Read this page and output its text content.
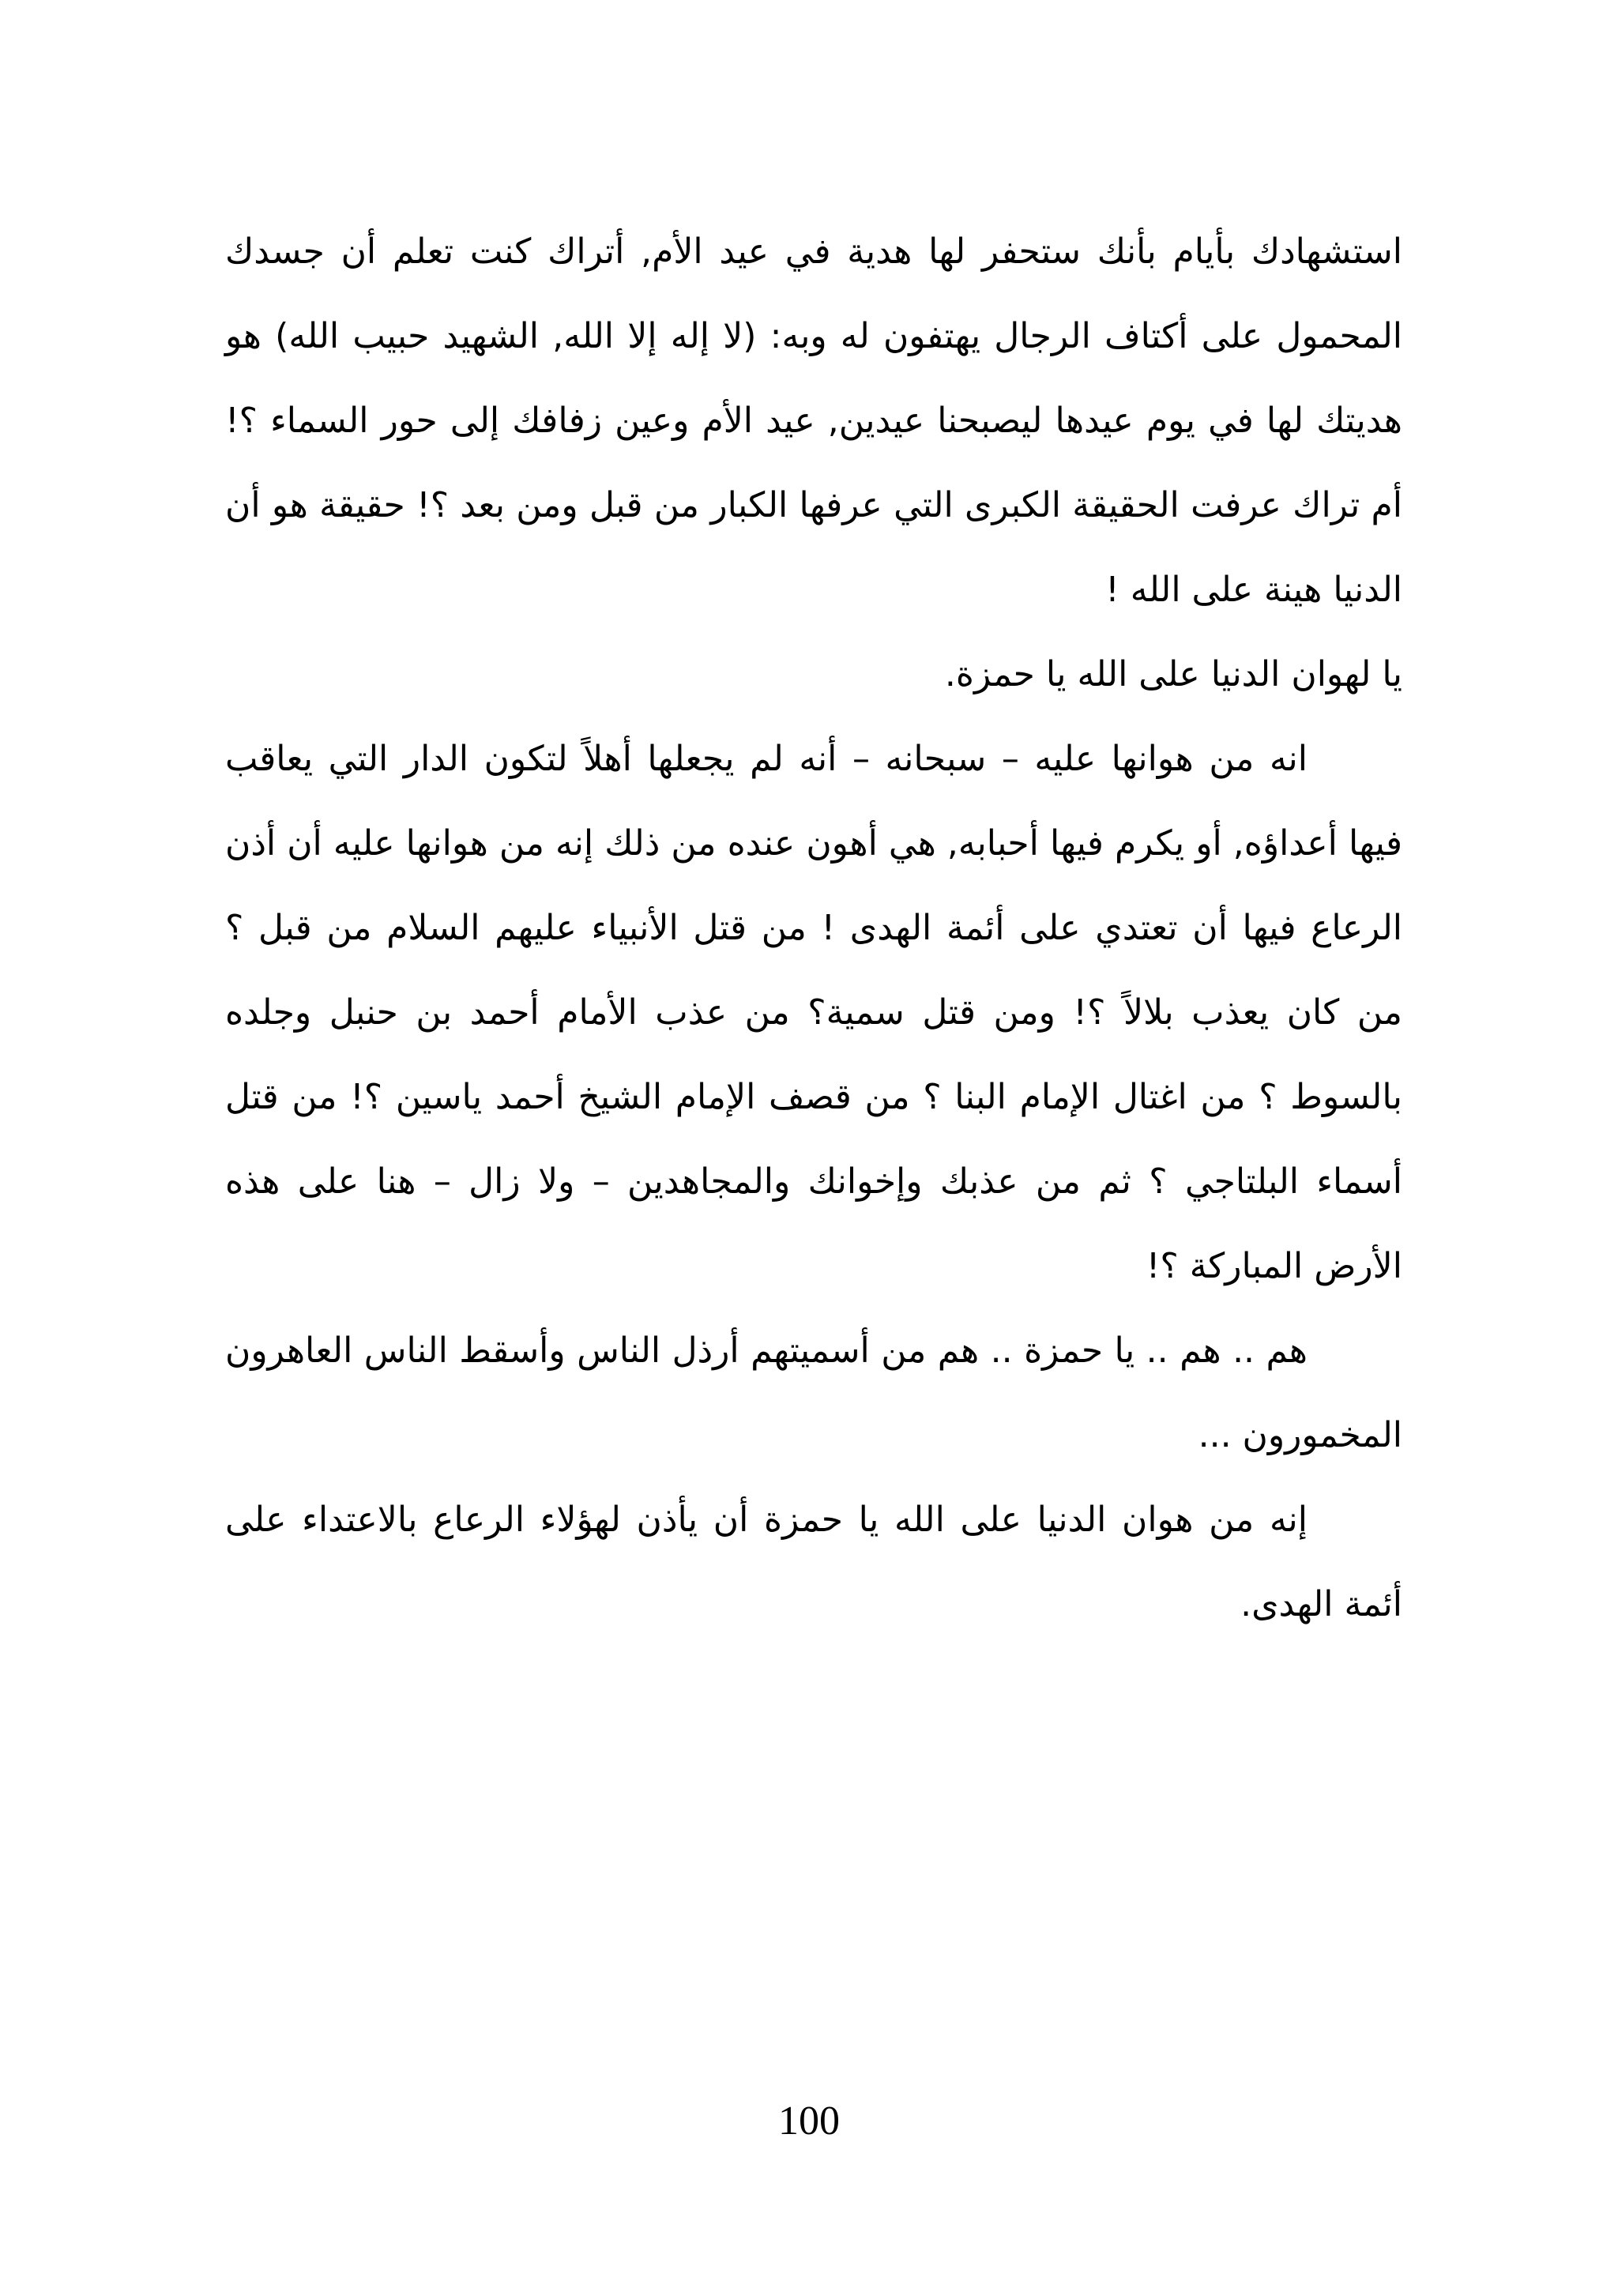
استشهادك بأيام بأنك ستحفر لها هدية في عيد الأم, أتراك كنت تعلم أن جسدك المحمول على أكتاف الرجال يهتفون له وبه: (لا إله إلا الله, الشهيد حبيب الله) هو هديتك لها في يوم عيدها ليصبحنا عيدين, عيد الأم وعين زفافك إلى حور السماء ؟! أم تراك عرفت الحقيقة الكبرى التي عرفها الكبار من قبل ومن بعد ؟! حقيقة هو أن الدنيا هينة على الله !

يا لهوان الدنيا على الله يا حمزة.

انه من هوانها عليه – سبحانه – أنه لم يجعلها أهلاً لتكون الدار التي يعاقب فيها أعداؤه, أو يكرم فيها أحبابه, هي أهون عنده من ذلك إنه من هوانها عليه أن أذن الرعاع فيها أن تعتدي على أئمة الهدى ! من قتل الأنبياء عليهم السلام من قبل ؟ من كان يعذب بلالاً ؟! ومن قتل سمية؟ من عذب الأمام أحمد بن حنبل وجلده بالسوط ؟ من اغتال الإمام البنا ؟ من قصف الإمام الشيخ أحمد ياسين ؟! من قتل أسماء البلتاجي ؟ ثم من عذبك وإخوانك والمجاهدين – ولا زال – هنا على هذه الأرض المباركة ؟!

هم .. هم .. يا حمزة .. هم من أسميتهم أرذل الناس وأسقط الناس العاهرون المخمورون ...

إنه من هوان الدنيا على الله يا حمزة أن يأذن لهؤلاء الرعاع بالاعتداء على أئمة الهدى.

100
